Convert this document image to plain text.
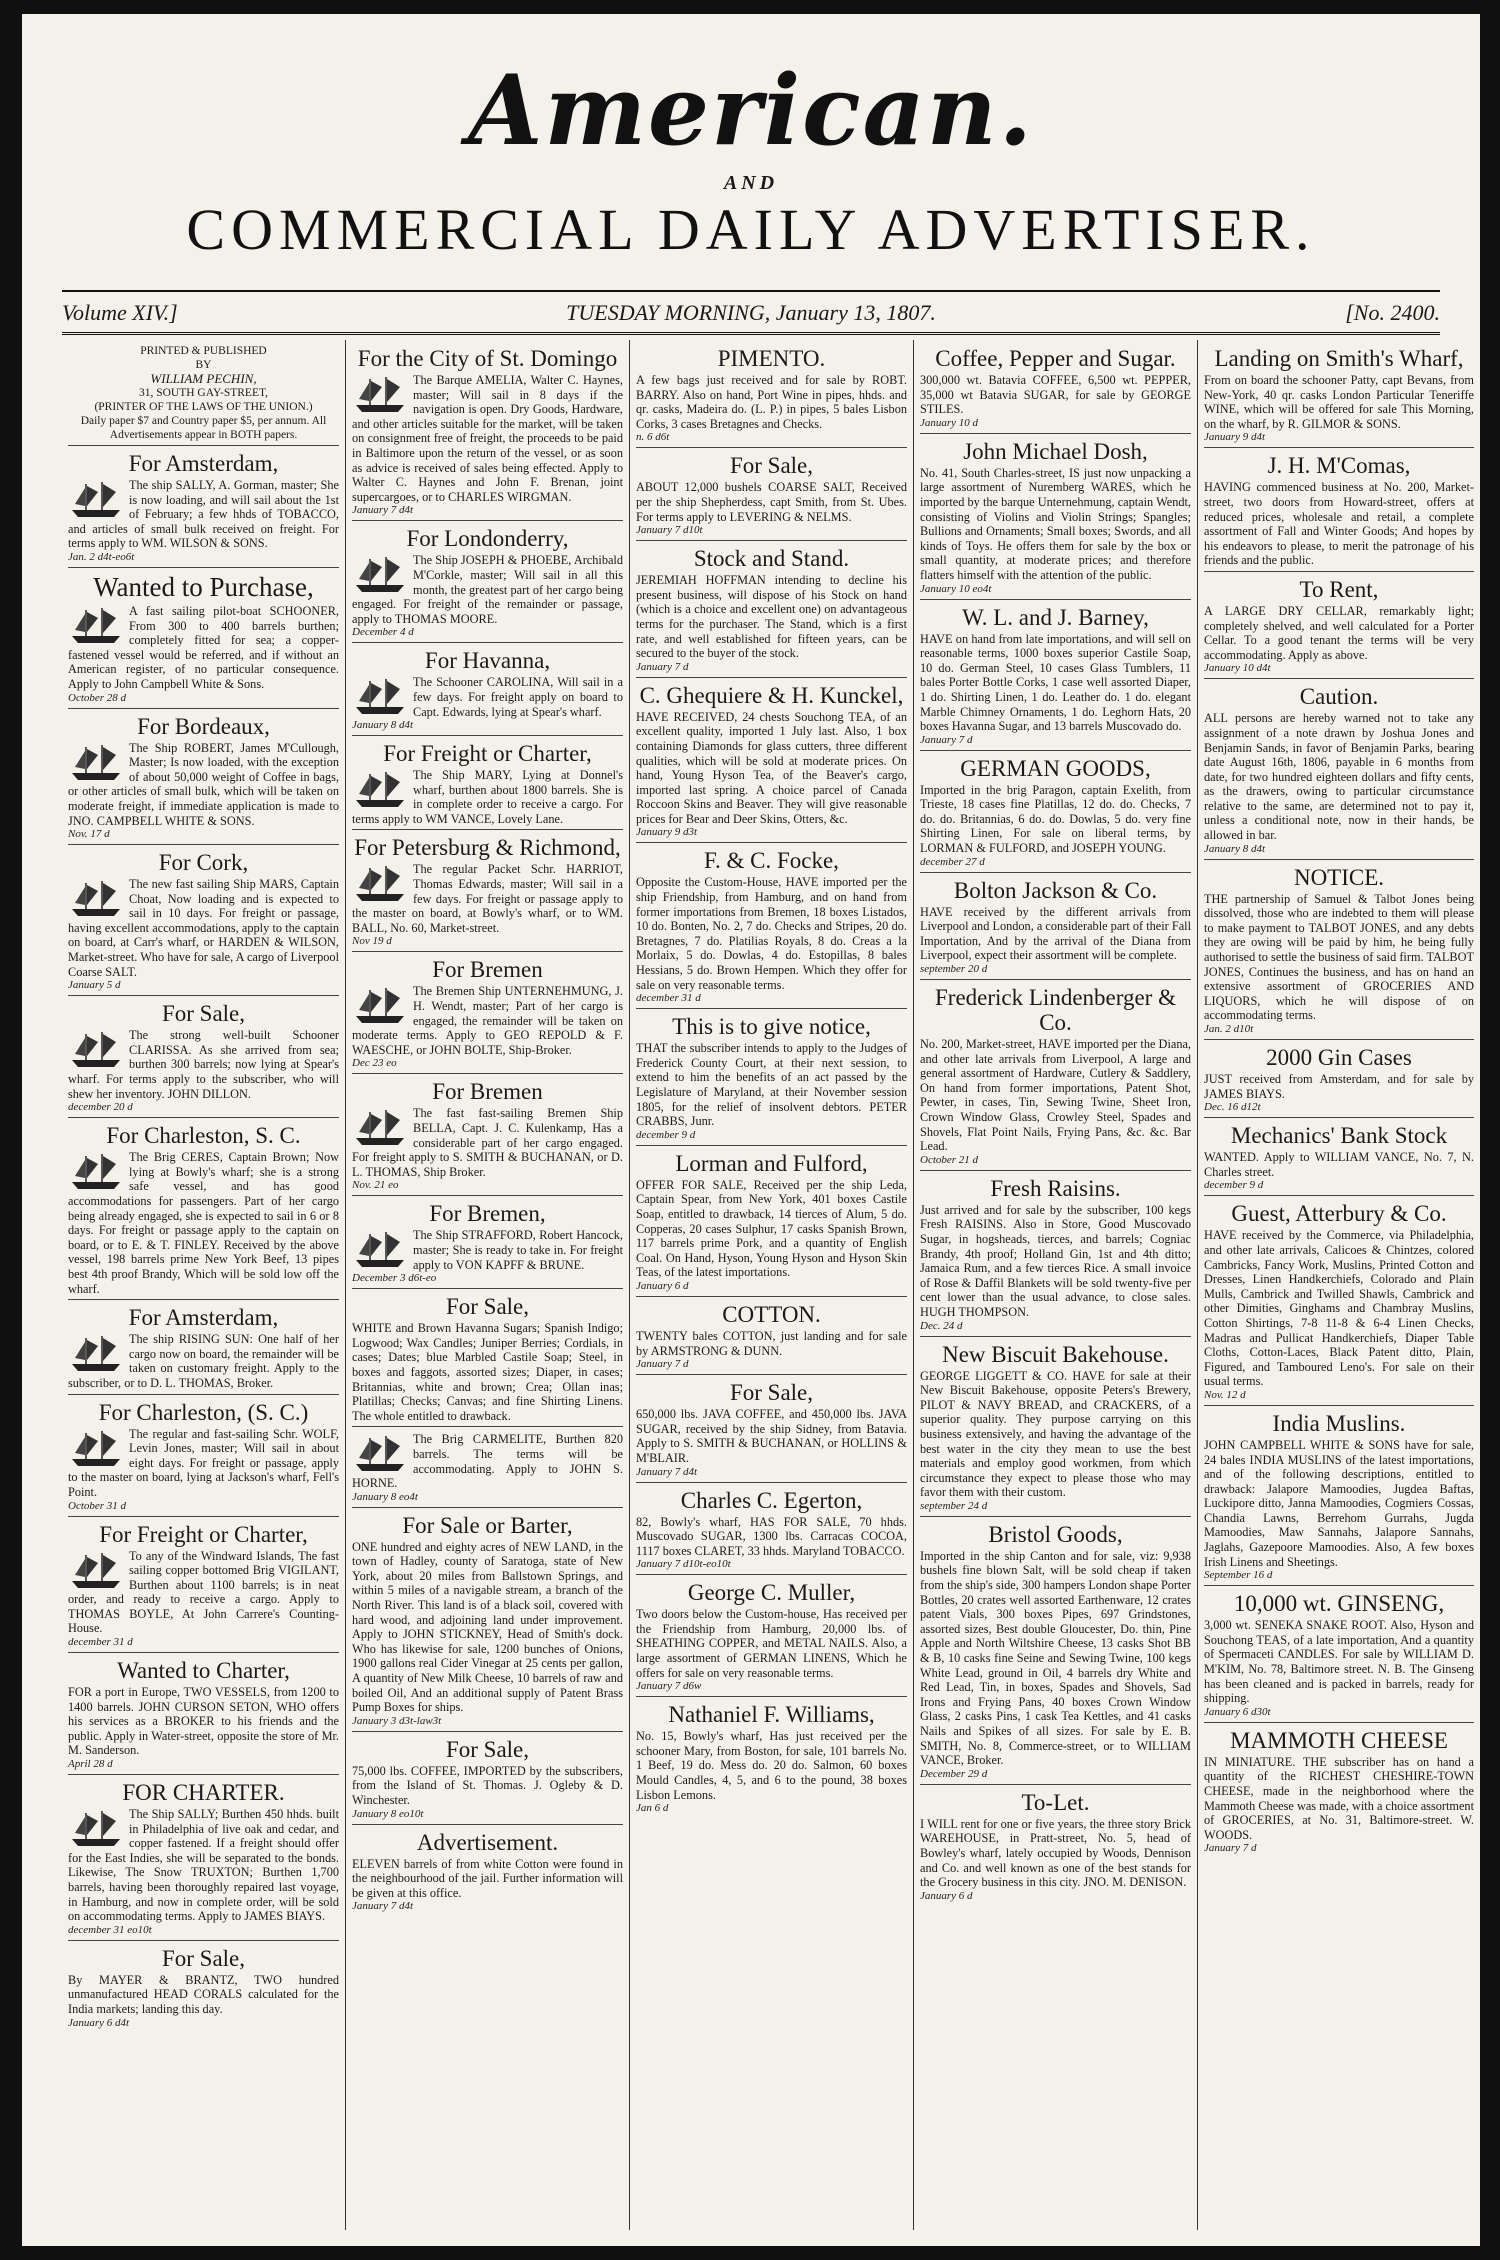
American.
AND
COMMERCIAL DAILY ADVERTISER.
Volume XIV.]	TUESDAY MORNING, January 13, 1807.	[No. 2400.

PRINTED & PUBLISHED

BY

WILLIAM PECHIN,

31, SOUTH GAY-STREET,

(PRINTER OF THE LAWS OF THE UNION.)

Daily paper $7 and Country paper $5, per annum. All Advertisements appear in BOTH papers.

For Amsterdam,

The ship SALLY, A. Gorman, master; She is now loading, and will sail about the 1st of February; a few hhds of TOBACCO, and articles of small bulk received on freight. For terms apply to WM. WILSON & SONS.

Jan. 2 d4t-eo6t
Wanted to Purchase,

A fast sailing pilot-boat SCHOONER, From 300 to 400 barrels burthen; completely fitted for sea; a copper-fastened vessel would be referred, and if without an American register, of no particular consequence. Apply to John Campbell White & Sons.

October 28 d
For Bordeaux,

The Ship ROBERT, James M'Cullough, Master; Is now loaded, with the exception of about 50,000 weight of Coffee in bags, or other articles of small bulk, which will be taken on moderate freight, if immediate application is made to JNO. CAMPBELL WHITE & SONS.

Nov. 17 d
For Cork,

The new fast sailing Ship MARS, Captain Choat, Now loading and is expected to sail in 10 days. For freight or passage, having excellent accommodations, apply to the captain on board, at Carr's wharf, or HARDEN & WILSON, Market-street. Who have for sale, A cargo of Liverpool Coarse SALT.

January 5 d
For Sale,

The strong well-built Schooner CLARISSA. As she arrived from sea; burthen 300 barrels; now lying at Spear's wharf. For terms apply to the subscriber, who will shew her inventory. JOHN DILLON.

december 20 d
For Charleston, S. C.

The Brig CERES, Captain Brown; Now lying at Bowly's wharf; she is a strong safe vessel, and has good accommodations for passengers. Part of her cargo being already engaged, she is expected to sail in 6 or 8 days. For freight or passage apply to the captain on board, or to E. & T. FINLEY. Received by the above vessel, 198 barrels prime New York Beef, 13 pipes best 4th proof Brandy, Which will be sold low off the wharf.

For Amsterdam,

The ship RISING SUN: One half of her cargo now on board, the remainder will be taken on customary freight. Apply to the subscriber, or to D. L. THOMAS, Broker.

For Charleston, (S. C.)

The regular and fast-sailing Schr. WOLF, Levin Jones, master; Will sail in about eight days. For freight or passage, apply to the master on board, lying at Jackson's wharf, Fell's Point.

October 31 d
For Freight or Charter,

To any of the Windward Islands, The fast sailing copper bottomed Brig VIGILANT, Burthen about 1100 barrels; is in neat order, and ready to receive a cargo. Apply to THOMAS BOYLE, At John Carrere's Counting-House.

december 31 d
Wanted to Charter,

FOR a port in Europe, TWO VESSELS, from 1200 to 1400 barrels. JOHN CURSON SETON, WHO offers his services as a BROKER to his friends and the public. Apply in Water-street, opposite the store of Mr. M. Sanderson.

April 28 d
FOR CHARTER.

The Ship SALLY; Burthen 450 hhds. built in Philadelphia of live oak and cedar, and copper fastened. If a freight should offer for the East Indies, she will be separated to the bonds. Likewise, The Snow TRUXTON; Burthen 1,700 barrels, having been thoroughly repaired last voyage, in Hamburg, and now in complete order, will be sold on accommodating terms. Apply to JAMES BIAYS.

december 31 eo10t
For Sale,

By MAYER & BRANTZ, TWO hundred unmanufactured HEAD CORALS calculated for the India markets; landing this day.

January 6 d4t
For the City of St. Domingo

The Barque AMELIA, Walter C. Haynes, master; Will sail in 8 days if the navigation is open. Dry Goods, Hardware, and other articles suitable for the market, will be taken on consignment free of freight, the proceeds to be paid in Baltimore upon the return of the vessel, or as soon as advice is received of sales being effected. Apply to Walter C. Haynes and John F. Brenan, joint supercargoes, or to CHARLES WIRGMAN.

January 7 d4t
For Londonderry,

The Ship JOSEPH & PHOEBE, Archibald M'Corkle, master; Will sail in all this month, the greatest part of her cargo being engaged. For freight of the remainder or passage, apply to THOMAS MOORE.

December 4 d
For Havanna,

The Schooner CAROLINA, Will sail in a few days. For freight apply on board to Capt. Edwards, lying at Spear's wharf.

January 8 d4t
For Freight or Charter,

The Ship MARY, Lying at Donnel's wharf, burthen about 1800 barrels. She is in complete order to receive a cargo. For terms apply to WM VANCE, Lovely Lane.

For Petersburg & Richmond,

The regular Packet Schr. HARRIOT, Thomas Edwards, master; Will sail in a few days. For freight or passage apply to the master on board, at Bowly's wharf, or to WM. BALL, No. 60, Market-street.

Nov 19 d
For Bremen

The Bremen Ship UNTERNEHMUNG, J. H. Wendt, master; Part of her cargo is engaged, the remainder will be taken on moderate terms. Apply to GEO REPOLD & F. WAESCHE, or JOHN BOLTE, Ship-Broker.

Dec 23 eo
For Bremen

The fast fast-sailing Bremen Ship BELLA, Capt. J. C. Kulenkamp, Has a considerable part of her cargo engaged. For freight apply to S. SMITH & BUCHANAN, or D. L. THOMAS, Ship Broker.

Nov. 21 eo
For Bremen,

The Ship STRAFFORD, Robert Hancock, master; She is ready to take in. For freight apply to VON KAPFF & BRUNE.

December 3 d6t-eo
For Sale,

WHITE and Brown Havanna Sugars; Spanish Indigo; Logwood; Wax Candles; Juniper Berries; Cordials, in cases; Dates; blue Marbled Castile Soap; Steel, in boxes and faggots, assorted sizes; Diaper, in cases; Britannias, white and brown; Crea; Ollan inas; Platillas; Checks; Canvas; and fine Shirting Linens. The whole entitled to drawback.

The Brig CARMELITE, Burthen 820 barrels. The terms will be accommodating. Apply to JOHN S. HORNE.

January 8 eo4t
For Sale or Barter,

ONE hundred and eighty acres of NEW LAND, in the town of Hadley, county of Saratoga, state of New York, about 20 miles from Ballstown Springs, and within 5 miles of a navigable stream, a branch of the North River. This land is of a black soil, covered with hard wood, and adjoining land under improvement. Apply to JOHN STICKNEY, Head of Smith's dock. Who has likewise for sale, 1200 bunches of Onions, 1900 gallons real Cider Vinegar at 25 cents per gallon, A quantity of New Milk Cheese, 10 barrels of raw and boiled Oil, And an additional supply of Patent Brass Pump Boxes for ships.

January 3 d3t-law3t
For Sale,

75,000 lbs. COFFEE, IMPORTED by the subscribers, from the Island of St. Thomas. J. Ogleby & D. Winchester.

January 8 eo10t
Advertisement.

ELEVEN barrels of from white Cotton were found in the neighbourhood of the jail. Further information will be given at this office.

January 7 d4t
PIMENTO.

A few bags just received and for sale by ROBT. BARRY. Also on hand, Port Wine in pipes, hhds. and qr. casks, Madeira do. (L. P.) in pipes, 5 bales Lisbon Corks, 3 cases Bretagnes and Checks.

n. 6 d6t
For Sale,

ABOUT 12,000 bushels COARSE SALT, Received per the ship Shepherdess, capt Smith, from St. Ubes. For terms apply to LEVERING & NELMS.

January 7 d10t
Stock and Stand.

JEREMIAH HOFFMAN intending to decline his present business, will dispose of his Stock on hand (which is a choice and excellent one) on advantageous terms for the purchaser. The Stand, which is a first rate, and well established for fifteen years, can be secured to the buyer of the stock.

January 7 d
C. Ghequiere & H. Kunckel,

HAVE RECEIVED, 24 chests Souchong TEA, of an excellent quality, imported 1 July last. Also, 1 box containing Diamonds for glass cutters, three different qualities, which will be sold at moderate prices. On hand, Young Hyson Tea, of the Beaver's cargo, imported last spring. A choice parcel of Canada Roccoon Skins and Beaver. They will give reasonable prices for Bear and Deer Skins, Otters, &c.

January 9 d3t
F. & C. Focke,

Opposite the Custom-House, HAVE imported per the ship Friendship, from Hamburg, and on hand from former importations from Bremen, 18 boxes Listados, 10 do. Bonten, No. 2, 7 do. Checks and Stripes, 20 do. Bretagnes, 7 do. Platilias Royals, 8 do. Creas a la Morlaix, 5 do. Dowlas, 4 do. Estopillas, 8 bales Hessians, 5 do. Brown Hempen. Which they offer for sale on very reasonable terms.

december 31 d
This is to give notice,

THAT the subscriber intends to apply to the Judges of Frederick County Court, at their next session, to extend to him the benefits of an act passed by the Legislature of Maryland, at their November session 1805, for the relief of insolvent debtors. PETER CRABBS, Junr.

december 9 d
Lorman and Fulford,

OFFER FOR SALE, Received per the ship Leda, Captain Spear, from New York, 401 boxes Castile Soap, entitled to drawback, 14 tierces of Alum, 5 do. Copperas, 20 cases Sulphur, 17 casks Spanish Brown, 117 barrels prime Pork, and a quantity of English Coal. On Hand, Hyson, Young Hyson and Hyson Skin Teas, of the latest importations.

January 6 d
COTTON.

TWENTY bales COTTON, just landing and for sale by ARMSTRONG & DUNN.

January 7 d
For Sale,

650,000 lbs. JAVA COFFEE, and 450,000 lbs. JAVA SUGAR, received by the ship Sidney, from Batavia. Apply to S. SMITH & BUCHANAN, or HOLLINS & M'BLAIR.

January 7 d4t
Charles C. Egerton,

82, Bowly's wharf, HAS FOR SALE, 70 hhds. Muscovado SUGAR, 1300 lbs. Carracas COCOA, 1117 boxes CLARET, 33 hhds. Maryland TOBACCO.

January 7 d10t-eo10t
George C. Muller,

Two doors below the Custom-house, Has received per the Friendship from Hamburg, 20,000 lbs. of SHEATHING COPPER, and METAL NAILS. Also, a large assortment of GERMAN LINENS, Which he offers for sale on very reasonable terms.

January 7 d6w
Nathaniel F. Williams,

No. 15, Bowly's wharf, Has just received per the schooner Mary, from Boston, for sale, 101 barrels No. 1 Beef, 19 do. Mess do. 20 do. Salmon, 60 boxes Mould Candles, 4, 5, and 6 to the pound, 38 boxes Lisbon Lemons.

Jan 6 d
Coffee, Pepper and Sugar.

300,000 wt. Batavia COFFEE, 6,500 wt. PEPPER, 35,000 wt Batavia SUGAR, for sale by GEORGE STILES.

January 10 d
John Michael Dosh,

No. 41, South Charles-street, IS just now unpacking a large assortment of Nuremberg WARES, which he imported by the barque Unternehmung, captain Wendt, consisting of Violins and Violin Strings; Spangles; Bullions and Ornaments; Small boxes; Swords, and all kinds of Toys. He offers them for sale by the box or small quantity, at moderate prices; and therefore flatters himself with the attention of the public.

January 10 eo4t
W. L. and J. Barney,

HAVE on hand from late importations, and will sell on reasonable terms, 1000 boxes superior Castile Soap, 10 do. German Steel, 10 cases Glass Tumblers, 11 bales Porter Bottle Corks, 1 case well assorted Diaper, 1 do. Shirting Linen, 1 do. Leather do. 1 do. elegant Marble Chimney Ornaments, 1 do. Leghorn Hats, 20 boxes Havanna Sugar, and 13 barrels Muscovado do.

January 7 d
GERMAN GOODS,

Imported in the brig Paragon, captain Exelith, from Trieste, 18 cases fine Platillas, 12 do. do. Checks, 7 do. do. Britannias, 6 do. do. Dowlas, 5 do. very fine Shirting Linen, For sale on liberal terms, by LORMAN & FULFORD, and JOSEPH YOUNG.

december 27 d
Bolton Jackson & Co.

HAVE received by the different arrivals from Liverpool and London, a considerable part of their Fall Importation, And by the arrival of the Diana from Liverpool, expect their assortment will be complete.

september 20 d
Frederick Lindenberger & Co.

No. 200, Market-street, HAVE imported per the Diana, and other late arrivals from Liverpool, A large and general assortment of Hardware, Cutlery & Saddlery, On hand from former importations, Patent Shot, Pewter, in cases, Tin, Sewing Twine, Sheet Iron, Crown Window Glass, Crowley Steel, Spades and Shovels, Flat Point Nails, Frying Pans, &c. &c. Bar Lead.

October 21 d
Fresh Raisins.

Just arrived and for sale by the subscriber, 100 kegs Fresh RAISINS. Also in Store, Good Muscovado Sugar, in hogsheads, tierces, and barrels; Cogniac Brandy, 4th proof; Holland Gin, 1st and 4th ditto; Jamaica Rum, and a few tierces Rice. A small invoice of Rose & Daffil Blankets will be sold twenty-five per cent lower than the usual advance, to close sales. HUGH THOMPSON.

Dec. 24 d
New Biscuit Bakehouse.

GEORGE LIGGETT & CO. HAVE for sale at their New Biscuit Bakehouse, opposite Peters's Brewery, PILOT & NAVY BREAD, and CRACKERS, of a superior quality. They purpose carrying on this business extensively, and having the advantage of the best water in the city they mean to use the best materials and employ good workmen, from which circumstance they expect to please those who may favor them with their custom.

september 24 d
Bristol Goods,

Imported in the ship Canton and for sale, viz: 9,938 bushels fine blown Salt, will be sold cheap if taken from the ship's side, 300 hampers London shape Porter Bottles, 20 crates well assorted Earthenware, 12 crates patent Vials, 300 boxes Pipes, 697 Grindstones, assorted sizes, Best double Gloucester, Do. thin, Pine Apple and North Wiltshire Cheese, 13 casks Shot BB & B, 10 casks fine Seine and Sewing Twine, 100 kegs White Lead, ground in Oil, 4 barrels dry White and Red Lead, Tin, in boxes, Spades and Shovels, Sad Irons and Frying Pans, 40 boxes Crown Window Glass, 2 casks Pins, 1 cask Tea Kettles, and 41 casks Nails and Spikes of all sizes. For sale by E. B. SMITH, No. 8, Commerce-street, or to WILLIAM VANCE, Broker.

December 29 d
To-Let.

I WILL rent for one or five years, the three story Brick WAREHOUSE, in Pratt-street, No. 5, head of Bowley's wharf, lately occupied by Woods, Dennison and Co. and well known as one of the best stands for the Grocery business in this city. JNO. M. DENISON.

January 6 d
Landing on Smith's Wharf,

From on board the schooner Patty, capt Bevans, from New-York, 40 qr. casks London Particular Teneriffe WINE, which will be offered for sale This Morning, on the wharf, by R. GILMOR & SONS.

January 9 d4t
J. H. M'Comas,

HAVING commenced business at No. 200, Market-street, two doors from Howard-street, offers at reduced prices, wholesale and retail, a complete assortment of Fall and Winter Goods; And hopes by his endeavors to please, to merit the patronage of his friends and the public.

To Rent,

A LARGE DRY CELLAR, remarkably light; completely shelved, and well calculated for a Porter Cellar. To a good tenant the terms will be very accommodating. Apply as above.

January 10 d4t
Caution.

ALL persons are hereby warned not to take any assignment of a note drawn by Joshua Jones and Benjamin Sands, in favor of Benjamin Parks, bearing date August 16th, 1806, payable in 6 months from date, for two hundred eighteen dollars and fifty cents, as the drawers, owing to particular circumstance relative to the same, are determined not to pay it, unless a conditional note, now in their hands, be allowed in bar.

January 8 d4t
NOTICE.

THE partnership of Samuel & Talbot Jones being dissolved, those who are indebted to them will please to make payment to TALBOT JONES, and any debts they are owing will be paid by him, he being fully authorised to settle the business of said firm. TALBOT JONES, Continues the business, and has on hand an extensive assortment of GROCERIES AND LIQUORS, which he will dispose of on accommodating terms.

Jan. 2 d10t
2000 Gin Cases

JUST received from Amsterdam, and for sale by JAMES BIAYS.

Dec. 16 d12t
Mechanics' Bank Stock

WANTED. Apply to WILLIAM VANCE, No. 7, N. Charles street.

december 9 d
Guest, Atterbury & Co.

HAVE received by the Commerce, via Philadelphia, and other late arrivals, Calicoes & Chintzes, colored Cambricks, Fancy Work, Muslins, Printed Cotton and Dresses, Linen Handkerchiefs, Colorado and Plain Mulls, Cambrick and Twilled Shawls, Cambrick and other Dimities, Ginghams and Chambray Muslins, Cotton Shirtings, 7-8 11-8 & 6-4 Linen Checks, Madras and Pullicat Handkerchiefs, Diaper Table Cloths, Cotton-Laces, Black Patent ditto, Plain, Figured, and Tamboured Leno's. For sale on their usual terms.

Nov. 12 d
India Muslins.

JOHN CAMPBELL WHITE & SONS have for sale, 24 bales INDIA MUSLINS of the latest importations, and of the following descriptions, entitled to drawback: Jalapore Mamoodies, Jugdea Baftas, Luckipore ditto, Janna Mamoodies, Cogmiers Cossas, Chandia Lawns, Berrehom Gurrahs, Jugda Mamoodies, Maw Sannahs, Jalapore Sannahs, Jaglahs, Gazepoore Mamoodies. Also, A few boxes Irish Linens and Sheetings.

September 16 d
10,000 wt. GINSENG,

3,000 wt. SENEKA SNAKE ROOT. Also, Hyson and Souchong TEAS, of a late importation, And a quantity of Spermaceti CANDLES. For sale by WILLIAM D. M'KIM, No. 78, Baltimore street. N. B. The Ginseng has been cleaned and is packed in barrels, ready for shipping.

January 6 d30t
MAMMOTH CHEESE

IN MINIATURE. THE subscriber has on hand a quantity of the RICHEST CHESHIRE-TOWN CHEESE, made in the neighborhood where the Mammoth Cheese was made, with a choice assortment of GROCERIES, at No. 31, Baltimore-street. W. WOODS.

January 7 d
